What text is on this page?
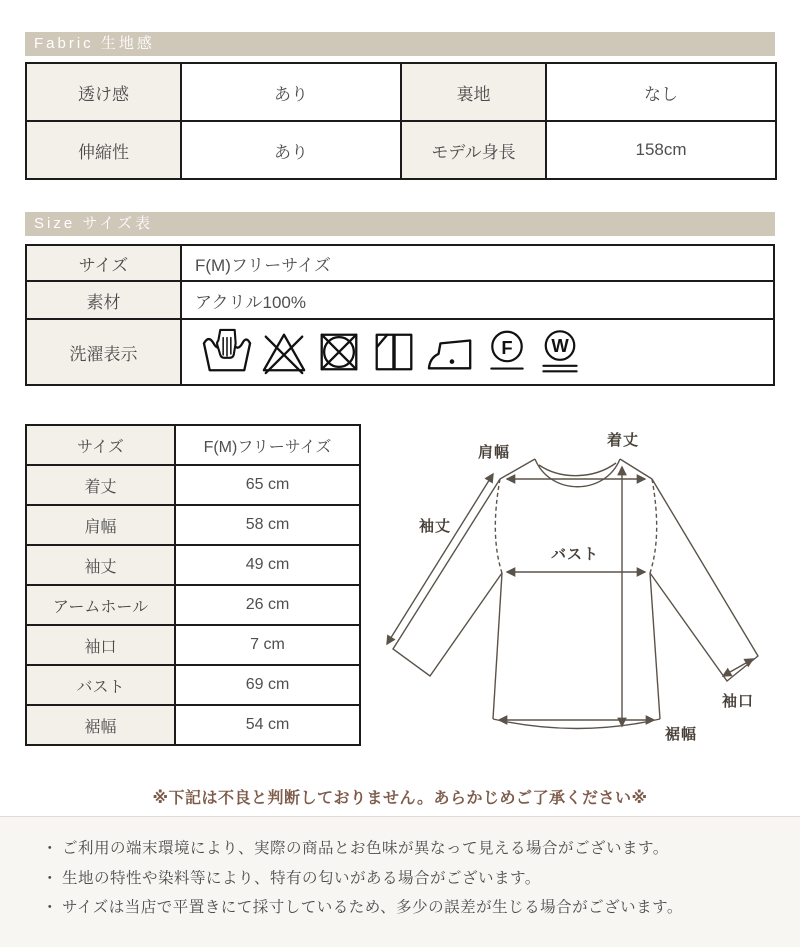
Fabric 生地感
透け感	あり	裏地	なし
伸縮性	あり	モデル身長	158cm
Size サイズ表
サイズ	F(M)フリーサイズ
素材	アクリル100%
洗濯表示	F W
サイズ	F(M)フリーサイズ
着丈	65 cm
肩幅	58 cm
袖丈	49 cm
アームホール	26 cm
袖口	7 cm
バスト	69 cm
裾幅	54 cm
着丈
肩幅
袖丈
バスト
袖口
裾幅
※下記は不良と判断しておりません。あらかじめご了承ください※
・ ご利用の端末環境により、実際の商品とお色味が異なって見える場合がございます。
・ 生地の特性や染料等により、特有の匂いがある場合がございます。
・ サイズは当店で平置きにて採寸しているため、多少の誤差が生じる場合がございます。
